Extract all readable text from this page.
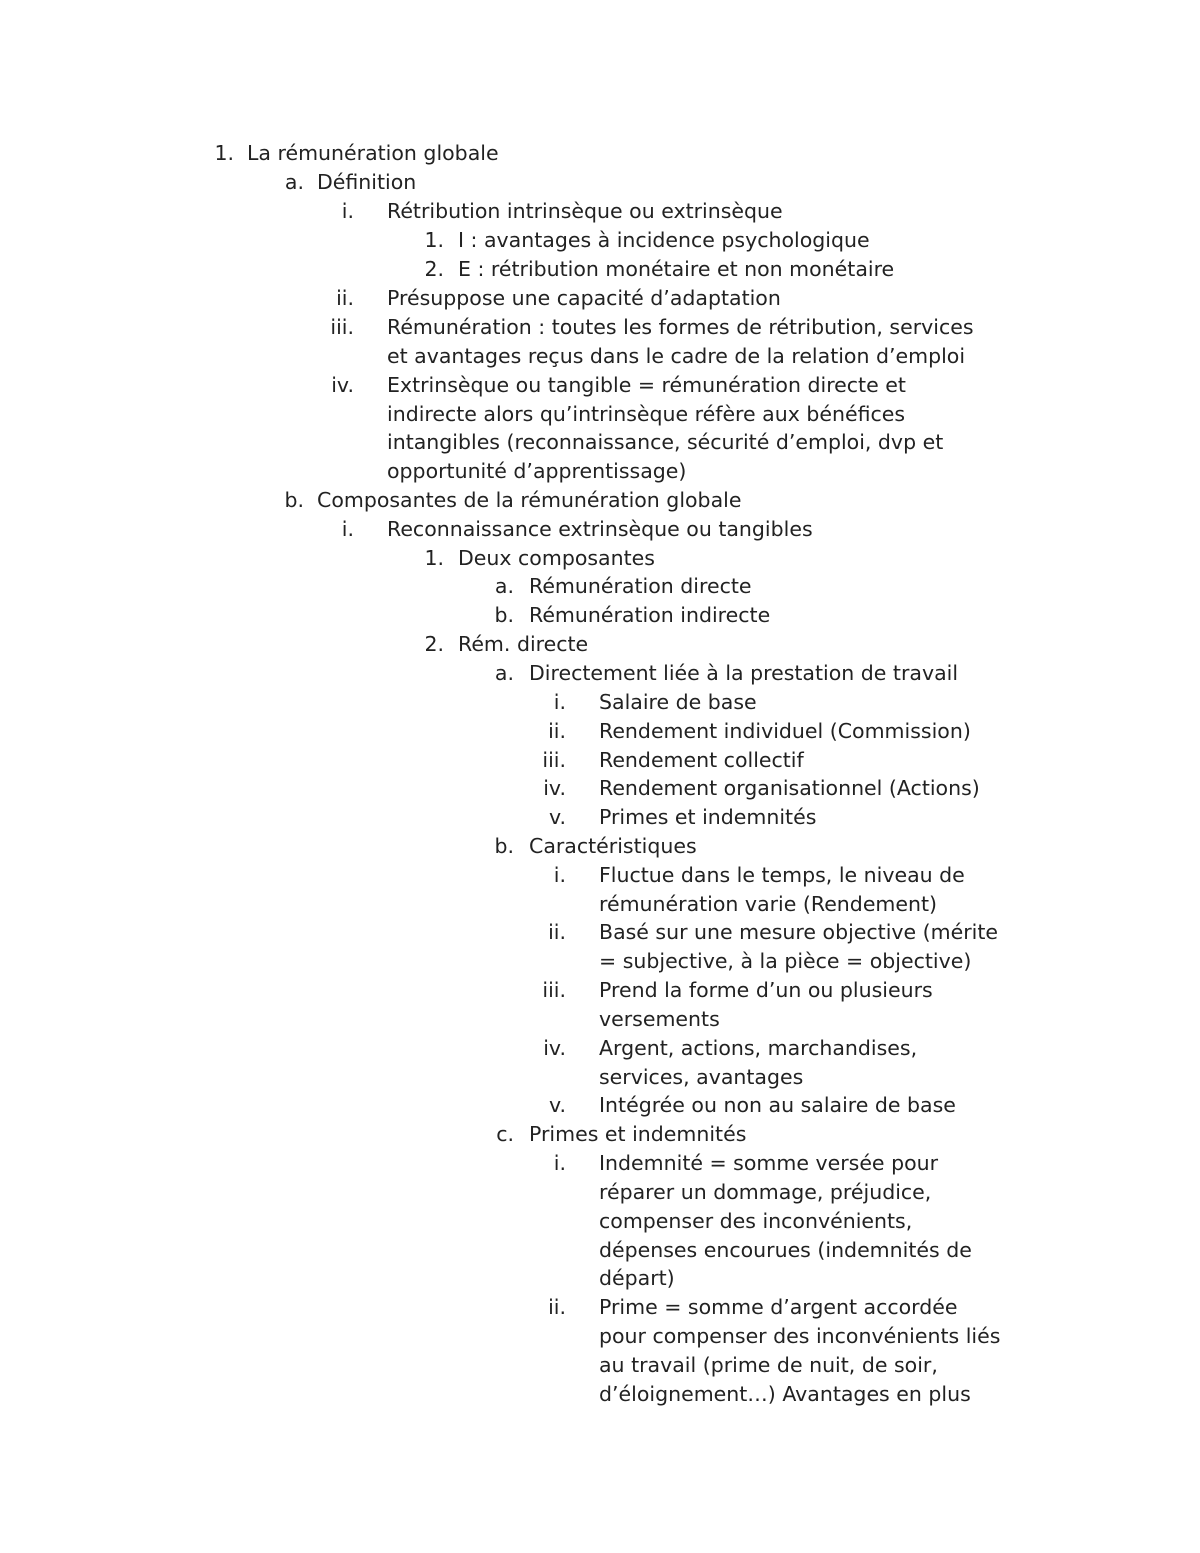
1. La rémunération globale
a. Définition
i. Rétribution intrinsèque ou extrinsèque
1. I : avantages à incidence psychologique
2. E : rétribution monétaire et non monétaire
ii. Présuppose une capacité d’adaptation
iii. Rémunération : toutes les formes de rétribution, services
et avantages reçus dans le cadre de la relation d’emploi
iv. Extrinsèque ou tangible = rémunération directe et
indirecte alors qu’intrinsèque réfère aux bénéfices
intangibles (reconnaissance, sécurité d’emploi, dvp et
opportunité d’apprentissage)
b. Composantes de la rémunération globale
i. Reconnaissance extrinsèque ou tangibles
1. Deux composantes
a. Rémunération directe
b. Rémunération indirecte
2. Rém. directe
a. Directement liée à la prestation de travail
i. Salaire de base
ii. Rendement individuel (Commission)
iii. Rendement collectif
iv. Rendement organisationnel (Actions)
v. Primes et indemnités
b. Caractéristiques
i. Fluctue dans le temps, le niveau de
rémunération varie (Rendement)
ii. Basé sur une mesure objective (mérite
= subjective, à la pièce = objective)
iii. Prend la forme d’un ou plusieurs
versements
iv. Argent, actions, marchandises,
services, avantages
v. Intégrée ou non au salaire de base
c. Primes et indemnités
i. Indemnité = somme versée pour
réparer un dommage, préjudice,
compenser des inconvénients,
dépenses encourues (indemnités de
départ)
ii. Prime = somme d’argent accordée
pour compenser des inconvénients liés
au travail (prime de nuit, de soir,
d’éloignement…) Avantages en plus
